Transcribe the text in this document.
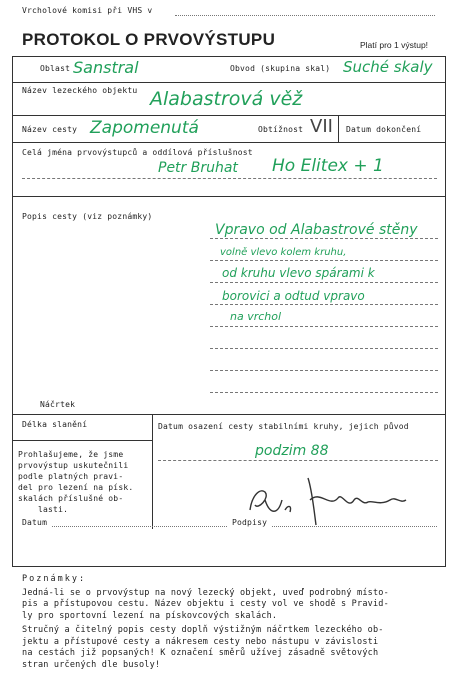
Vrcholové komisi při VHS v
PROTOKOL O PRVOVÝSTUPU	Platí pro 1 výstup!
Oblast Sanstral	Obvod (skupina skal) Suché skaly
Název lezeckého objektu Alabastrová věž
Název cesty Zapomenutá	Obtížnost VII Datum dokončení
Celá jména prvovýstupců a oddílová příslušnost
Petr Bruhat Ho Elitex + 1
Popis cesty (viz poznámky)
Vpravo od Alabastrové stěny
volně vlevo kolem kruhu,
od kruhu vlevo spárami k
borovici a odtud vpravo
na vrchol
Náčrtek
Délka slanění	Datum osazení cesty stabilními kruhy, jejich původ
podzim 88
Prohlašujeme, že jsme
prvovýstup uskutečnili
podle platných pravi-
del pro lezení na písk.
skalách příslušné ob-
lasti.
Datum	Podpisy

Poznámky:

Jedná-li se o prvovýstup na nový lezecký objekt, uveď podrobný místo-

pis a přístupovou cestu. Název objektu i cesty vol ve shodě s Pravid-

ly pro sportovní lezení na pískovcových skalách.

Stručný a čitelný popis cesty doplň výstižným náčrtkem lezeckého ob-

jektu a přístupové cesty a nákresem cesty nebo nástupu v závislosti

na cestách již popsaných! K označení směrů užívej zásadně světových

stran určených dle busoly!
